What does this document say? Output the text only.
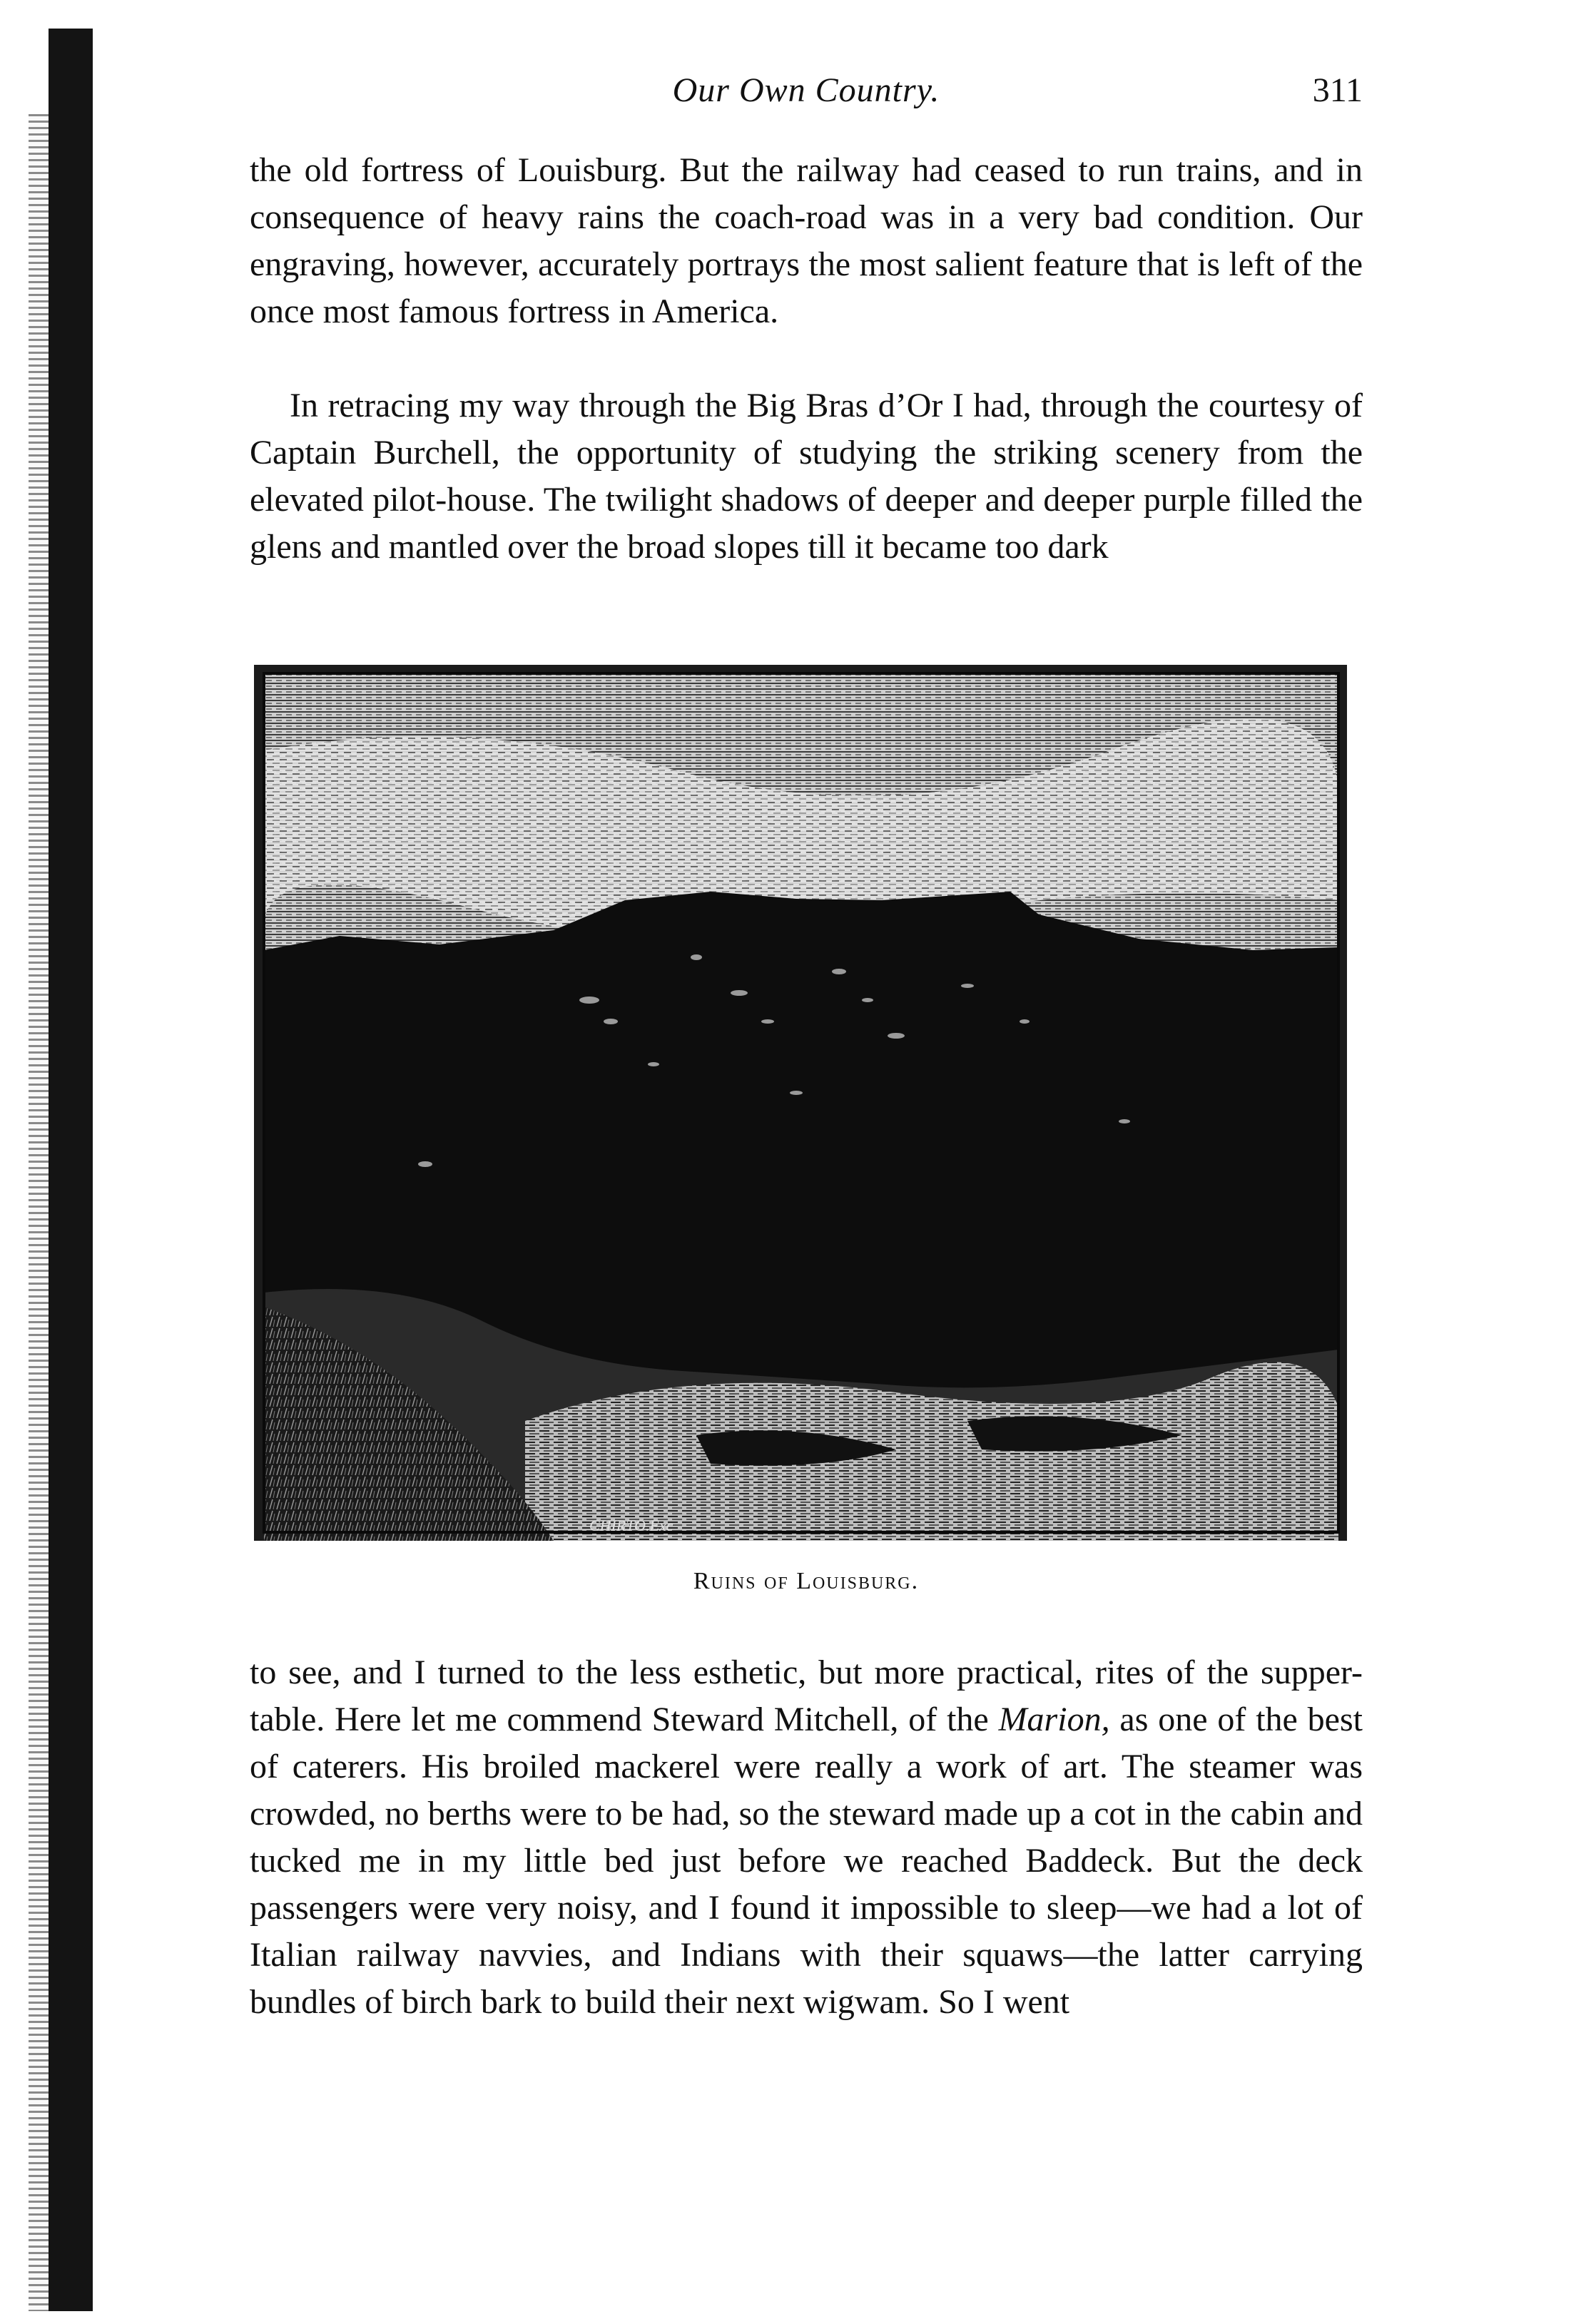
Our Own Country.	311

the old fortress of Louisburg. But the railway had ceased to run trains, and in consequence of heavy rains the coach-road was in a very bad condition. Our engraving, however, accurately portrays the most salient feature that is left of the once most famous fortress in America.

In retracing my way through the Big Bras d’Or I had, through the courtesy of Captain Burchell, the opportunity of studying the striking scenery from the elevated pilot-house. The twilight shadows of deeper and deeper purple filled the glens and mantled over the broad slopes till it became too dark

CHIRTO.Exc
Ruins of Louisburg.

to see, and I turned to the less esthetic, but more practical, rites of the supper-table. Here let me commend Steward Mitchell, of the Marion, as one of the best of caterers. His broiled mackerel were really a work of art. The steamer was crowded, no berths were to be had, so the steward made up a cot in the cabin and tucked me in my little bed just before we reached Baddeck. But the deck passengers were very noisy, and I found it impossible to sleep—we had a lot of Italian railway navvies, and Indians with their squaws—the latter carrying bundles of birch bark to build their next wigwam. So I went
